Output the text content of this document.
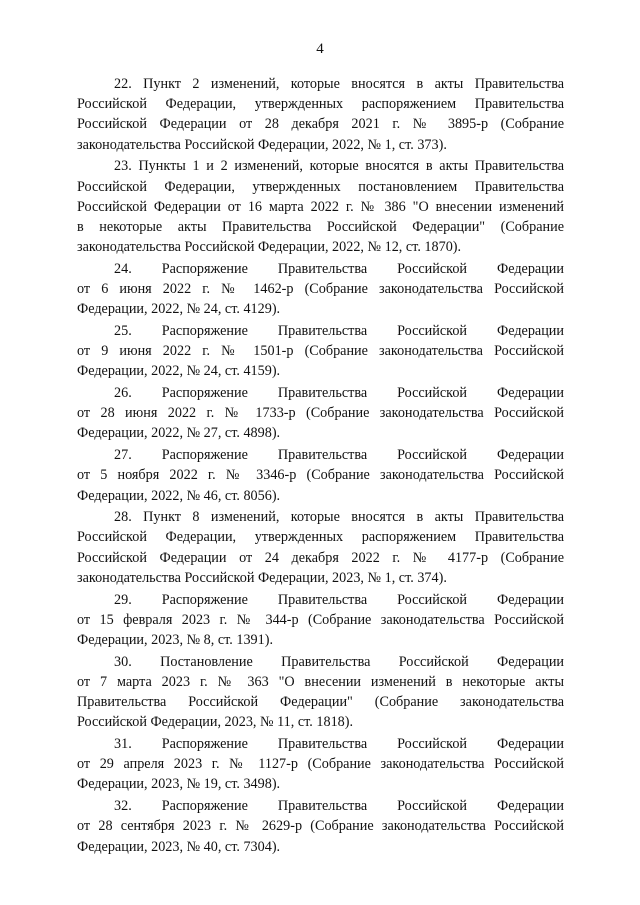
4

22. Пункт 2 изменений, которые вносятся в акты Правительства
Российской Федерации, утвержденных распоряжением Правительства
Российской Федерации от 28 декабря 2021 г. № 3895-р (Собрание
законодательства Российской Федерации, 2022, № 1, ст. 373).

23. Пункты 1 и 2 изменений, которые вносятся в акты Правительства
Российской Федерации, утвержденных постановлением Правительства
Российской Федерации от 16 марта 2022 г. № 386 "О внесении изменений
в некоторые акты Правительства Российской Федерации" (Собрание
законодательства Российской Федерации, 2022, № 12, ст. 1870).

24. Распоряжение Правительства Российской Федерации
от 6 июня 2022 г. № 1462-р (Собрание законодательства Российской
Федерации, 2022, № 24, ст. 4129).

25. Распоряжение Правительства Российской Федерации
от 9 июня 2022 г. № 1501-р (Собрание законодательства Российской
Федерации, 2022, № 24, ст. 4159).

26. Распоряжение Правительства Российской Федерации
от 28 июня 2022 г. № 1733-р (Собрание законодательства Российской
Федерации, 2022, № 27, ст. 4898).

27. Распоряжение Правительства Российской Федерации
от 5 ноября 2022 г. № 3346-р (Собрание законодательства Российской
Федерации, 2022, № 46, ст. 8056).

28. Пункт 8 изменений, которые вносятся в акты Правительства
Российской Федерации, утвержденных распоряжением Правительства
Российской Федерации от 24 декабря 2022 г. № 4177-р (Собрание
законодательства Российской Федерации, 2023, № 1, ст. 374).

29. Распоряжение Правительства Российской Федерации
от 15 февраля 2023 г. № 344-р (Собрание законодательства Российской
Федерации, 2023, № 8, ст. 1391).

30. Постановление Правительства Российской Федерации
от 7 марта 2023 г. № 363 "О внесении изменений в некоторые акты
Правительства Российской Федерации" (Собрание законодательства
Российской Федерации, 2023, № 11, ст. 1818).

31. Распоряжение Правительства Российской Федерации
от 29 апреля 2023 г. № 1127-р (Собрание законодательства Российской
Федерации, 2023, № 19, ст. 3498).

32. Распоряжение Правительства Российской Федерации
от 28 сентября 2023 г. № 2629-р (Собрание законодательства Российской
Федерации, 2023, № 40, ст. 7304).
